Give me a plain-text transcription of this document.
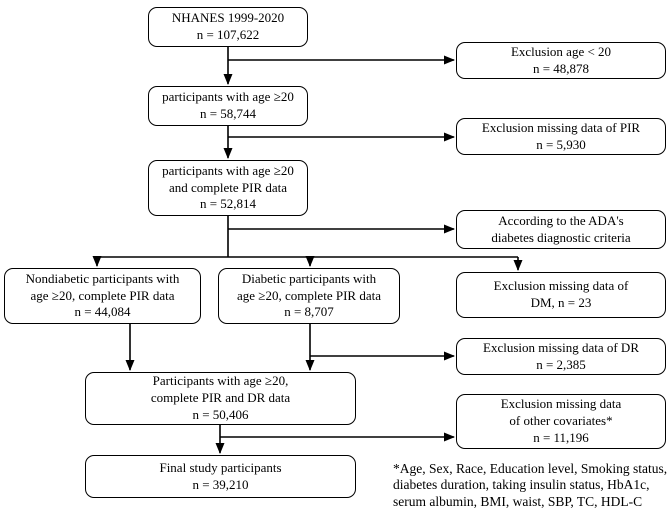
NHANES 1999-2020
n = 107,622
Exclusion age < 20
n = 48,878
participants with age ≥20
n = 58,744
Exclusion missing data of PIR
n = 5,930
participants with age ≥20
and complete PIR data
n = 52,814
According to the ADA's
diabetes diagnostic criteria
Nondiabetic participants with
age ≥20, complete PIR data
n = 44,084
Diabetic participants with
age ≥20, complete PIR data
n = 8,707
Exclusion missing data of
DM, n = 23
Exclusion missing data of DR
n = 2,385
Participants with age ≥20,
complete PIR and DR data
n = 50,406
Exclusion missing data
of other covariates*
n = 11,196
Final study participants
n = 39,210
*Age, Sex, Race, Education level, Smoking status,
diabetes duration, taking insulin status, HbA1c,
serum albumin, BMI, waist, SBP, TC, HDL-C
